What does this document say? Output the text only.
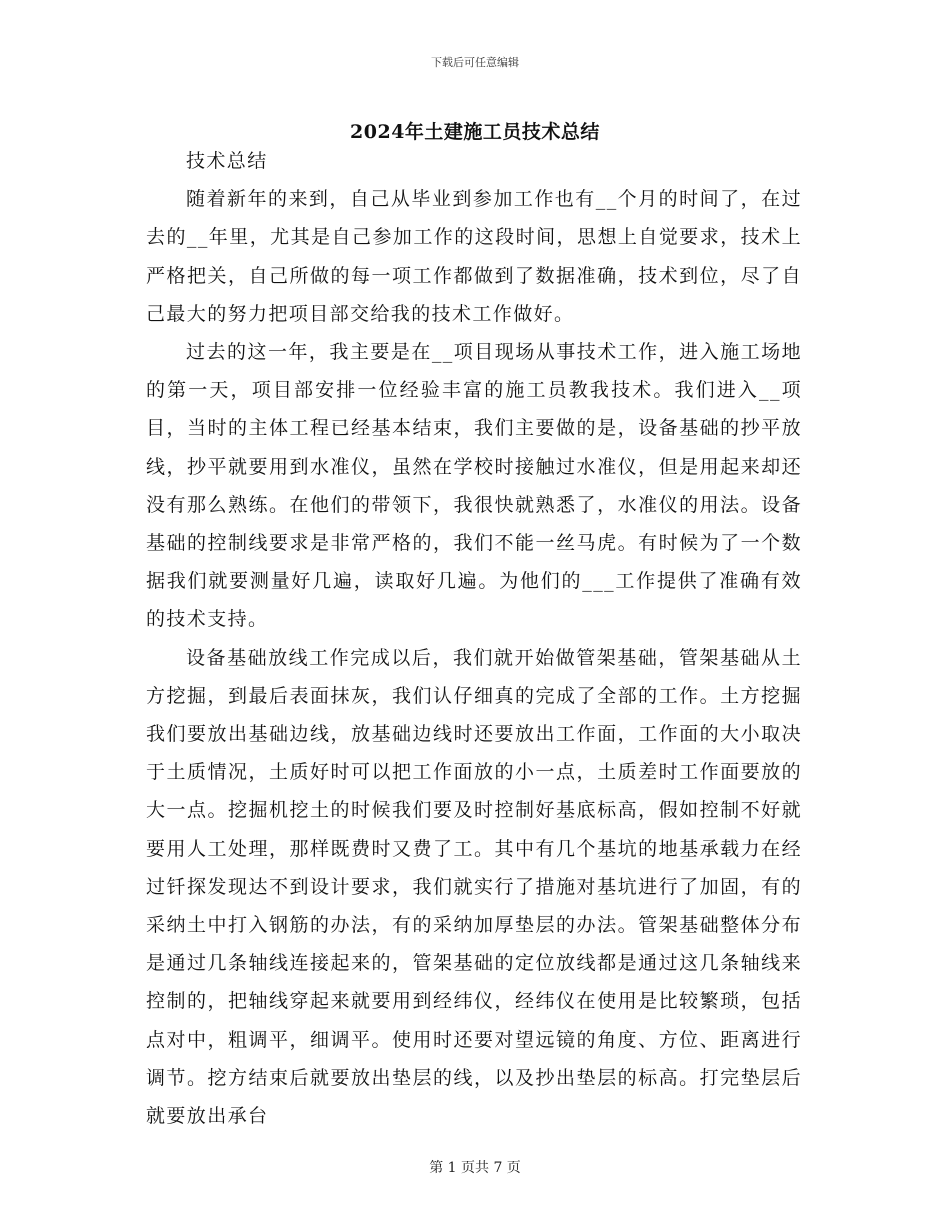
下载后可任意编辑
2024年土建施工员技术总结

技术总结

随着新年的来到，自己从毕业到参加工作也有__个月的时间了，在过去的__年里，尤其是自己参加工作的这段时间，思想上自觉要求，技术上严格把关，自己所做的每一项工作都做到了数据准确，技术到位，尽了自己最大的努力把项目部交给我的技术工作做好。

过去的这一年，我主要是在__项目现场从事技术工作，进入施工场地的第一天，项目部安排一位经验丰富的施工员教我技术。我们进入__项目，当时的主体工程已经基本结束，我们主要做的是，设备基础的抄平放线，抄平就要用到水准仪，虽然在学校时接触过水准仪，但是用起来却还没有那么熟练。在他们的带领下，我很快就熟悉了，水准仪的用法。设备基础的控制线要求是非常严格的，我们不能一丝马虎。有时候为了一个数据我们就要测量好几遍，读取好几遍。为他们的___工作提供了准确有效的技术支持。

设备基础放线工作完成以后，我们就开始做管架基础，管架基础从土方挖掘，到最后表面抹灰，我们认仔细真的完成了全部的工作。土方挖掘我们要放出基础边线，放基础边线时还要放出工作面，工作面的大小取决于土质情况，土质好时可以把工作面放的小一点，土质差时工作面要放的大一点。挖掘机挖土的时候我们要及时控制好基底标高，假如控制不好就要用人工处理，那样既费时又费了工。其中有几个基坑的地基承载力在经过钎探发现达不到设计要求，我们就实行了措施对基坑进行了加固，有的采纳土中打入钢筋的办法，有的采纳加厚垫层的办法。管架基础整体分布是通过几条轴线连接起来的，管架基础的定位放线都是通过这几条轴线来控制的，把轴线穿起来就要用到经纬仪，经纬仪在使用是比较繁琐，包括点对中，粗调平，细调平。使用时还要对望远镜的角度、方位、距离进行调节。挖方结束后就要放出垫层的线，以及抄出垫层的标高。打完垫层后就要放出承台

第 1 页共 7 页
